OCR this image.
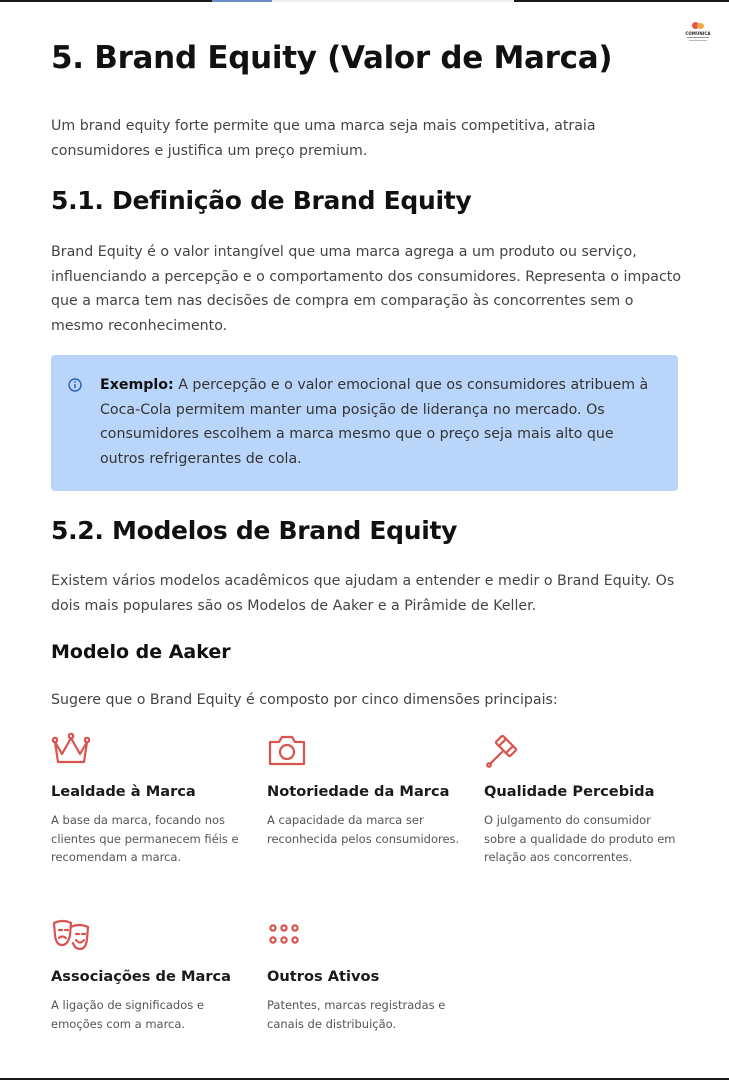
COMUNICA
5. Brand Equity (Valor de Marca)

Um brand equity forte permite que uma marca seja mais competitiva, atraia consumidores e justifica um preço premium.

5.1. Definição de Brand Equity

Brand Equity é o valor intangível que uma marca agrega a um produto ou serviço, influenciando a percepção e o comportamento dos consumidores. Representa o impacto que a marca tem nas decisões de compra em comparação às concorrentes sem o mesmo reconhecimento.

Exemplo: A percepção e o valor emocional que os consumidores atribuem à Coca-Cola permitem manter uma posição de liderança no mercado. Os consumidores escolhem a marca mesmo que o preço seja mais alto que outros refrigerantes de cola.

5.2. Modelos de Brand Equity

Existem vários modelos acadêmicos que ajudam a entender e medir o Brand Equity. Os dois mais populares são os Modelos de Aaker e a Pirâmide de Keller.

Modelo de Aaker

Sugere que o Brand Equity é composto por cinco dimensões principais:

Lealdade à Marca
A base da marca, focando nos clientes que permanecem fiéis e recomendam a marca.
Notoriedade da Marca
A capacidade da marca ser reconhecida pelos consumidores.
Qualidade Percebida
O julgamento do consumidor sobre a qualidade do produto em relação aos concorrentes.
Associações de Marca
A ligação de significados e emoções com a marca.
Outros Ativos
Patentes, marcas registradas e canais de distribuição.
